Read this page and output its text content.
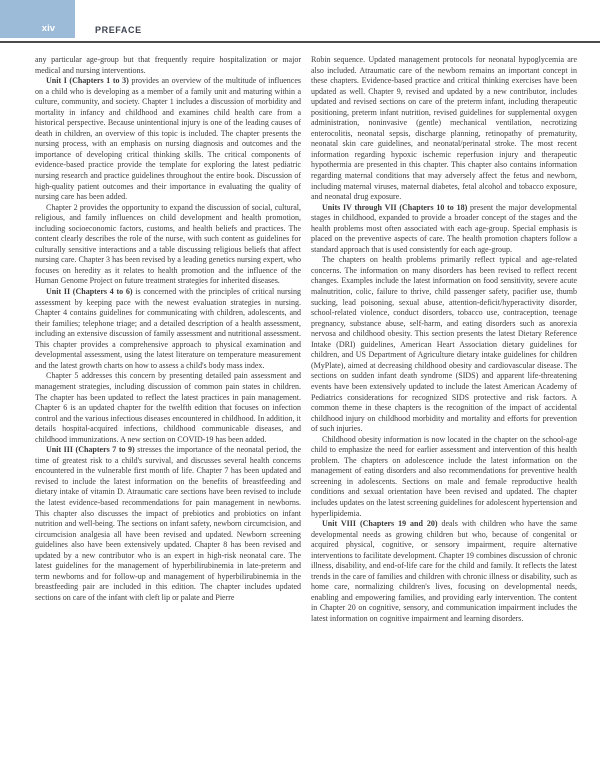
xiv	PREFACE

any particular age-group but that frequently require hospitalization or major medical and nursing interventions.

Unit I (Chapters 1 to 3) provides an overview of the multitude of influences on a child who is developing as a member of a family unit and maturing within a culture, community, and society. Chapter 1 includes a discussion of morbidity and mortality in infancy and childhood and examines child health care from a historical perspective. Because unintentional injury is one of the leading causes of death in children, an overview of this topic is included. The chapter presents the nursing process, with an emphasis on nursing diagnosis and outcomes and the importance of developing critical thinking skills. The critical components of evidence-based practice provide the template for exploring the latest pediatric nursing research and practice guidelines throughout the entire book. Discussion of high-quality patient outcomes and their importance in evaluating the quality of nursing care has been added.

Chapter 2 provides the opportunity to expand the discussion of social, cultural, religious, and family influences on child development and health promotion, including socioeconomic factors, customs, and health beliefs and practices. The content clearly describes the role of the nurse, with such content as guidelines for culturally sensitive interactions and a table discussing religious beliefs that affect nursing care. Chapter 3 has been revised by a leading genetics nursing expert, who focuses on heredity as it relates to health promotion and the influence of the Human Genome Project on future treatment strategies for inherited diseases.

Unit II (Chapters 4 to 6) is concerned with the principles of critical nursing assessment by keeping pace with the newest evaluation strategies in nursing. Chapter 4 contains guidelines for communicating with children, adolescents, and their families; telephone triage; and a detailed description of a health assessment, including an extensive discussion of family assessment and nutritional assessment. This chapter provides a comprehensive approach to physical examination and developmental assessment, using the latest literature on temperature measurement and the latest growth charts on how to assess a child's body mass index.

Chapter 5 addresses this concern by presenting detailed pain assessment and management strategies, including discussion of common pain states in children. The chapter has been updated to reflect the latest practices in pain management. Chapter 6 is an updated chapter for the twelfth edition that focuses on infection control and the various infectious diseases encountered in childhood. In addition, it details hospital-acquired infections, childhood communicable diseases, and childhood immunizations. A new section on COVID-19 has been added.

Unit III (Chapters 7 to 9) stresses the importance of the neonatal period, the time of greatest risk to a child's survival, and discusses several health concerns encountered in the vulnerable first month of life. Chapter 7 has been updated and revised to include the latest information on the benefits of breastfeeding and dietary intake of vitamin D. Atraumatic care sections have been revised to include the latest evidence-based recommendations for pain management in newborns. This chapter also discusses the impact of prebiotics and probiotics on infant nutrition and well-being. The sections on infant safety, newborn circumcision, and circumcision analgesia all have been revised and updated. Newborn screening guidelines also have been extensively updated. Chapter 8 has been revised and updated by a new contributor who is an expert in high-risk neonatal care. The latest guidelines for the management of hyperbilirubinemia in late-preterm and term newborns and for follow-up and management of hyperbilirubinemia in the breastfeeding pair are included in this edition. The chapter includes updated sections on care of the infant with cleft lip or palate and Pierre

Robin sequence. Updated management protocols for neonatal hypoglycemia are also included. Atraumatic care of the newborn remains an important concept in these chapters. Evidence-based practice and critical thinking exercises have been updated as well. Chapter 9, revised and updated by a new contributor, includes updated and revised sections on care of the preterm infant, including therapeutic positioning, preterm infant nutrition, revised guidelines for supplemental oxygen administration, noninvasive (gentle) mechanical ventilation, necrotizing enterocolitis, neonatal sepsis, discharge planning, retinopathy of prematurity, neonatal skin care guidelines, and neonatal/perinatal stroke. The most recent information regarding hypoxic ischemic reperfusion injury and therapeutic hypothermia are presented in this chapter. This chapter also contains information regarding maternal conditions that may adversely affect the fetus and newborn, including maternal viruses, maternal diabetes, fetal alcohol and tobacco exposure, and neonatal drug exposure.

Units IV through VII (Chapters 10 to 18) present the major developmental stages in childhood, expanded to provide a broader concept of the stages and the health problems most often associated with each age-group. Special emphasis is placed on the preventive aspects of care. The health promotion chapters follow a standard approach that is used consistently for each age-group.

The chapters on health problems primarily reflect typical and age-related concerns. The information on many disorders has been revised to reflect recent changes. Examples include the latest information on food sensitivity, severe acute malnutrition, colic, failure to thrive, child passenger safety, pacifier use, thumb sucking, lead poisoning, sexual abuse, attention-deficit/hyperactivity disorder, school-related violence, conduct disorders, tobacco use, contraception, teenage pregnancy, substance abuse, self-harm, and eating disorders such as anorexia nervosa and childhood obesity. This section presents the latest Dietary Reference Intake (DRI) guidelines, American Heart Association dietary guidelines for children, and US Department of Agriculture dietary intake guidelines for children (MyPlate), aimed at decreasing childhood obesity and cardiovascular disease. The sections on sudden infant death syndrome (SIDS) and apparent life-threatening events have been extensively updated to include the latest American Academy of Pediatrics considerations for recognized SIDS protective and risk factors. A common theme in these chapters is the recognition of the impact of accidental childhood injury on childhood morbidity and mortality and efforts for prevention of such injuries.

Childhood obesity information is now located in the chapter on the school-age child to emphasize the need for earlier assessment and intervention of this health problem. The chapters on adolescence include the latest information on the management of eating disorders and also recommendations for preventive health screening in adolescents. Sections on male and female reproductive health conditions and sexual orientation have been revised and updated. The chapter includes updates on the latest screening guidelines for adolescent hypertension and hyperlipidemia.

Unit VIII (Chapters 19 and 20) deals with children who have the same developmental needs as growing children but who, because of congenital or acquired physical, cognitive, or sensory impairment, require alternative interventions to facilitate development. Chapter 19 combines discussion of chronic illness, disability, and end-of-life care for the child and family. It reflects the latest trends in the care of families and children with chronic illness or disability, such as home care, normalizing children's lives, focusing on developmental needs, enabling and empowering families, and providing early intervention. The content in Chapter 20 on cognitive, sensory, and communication impairment includes the latest information on cognitive impairment and learning disorders.
